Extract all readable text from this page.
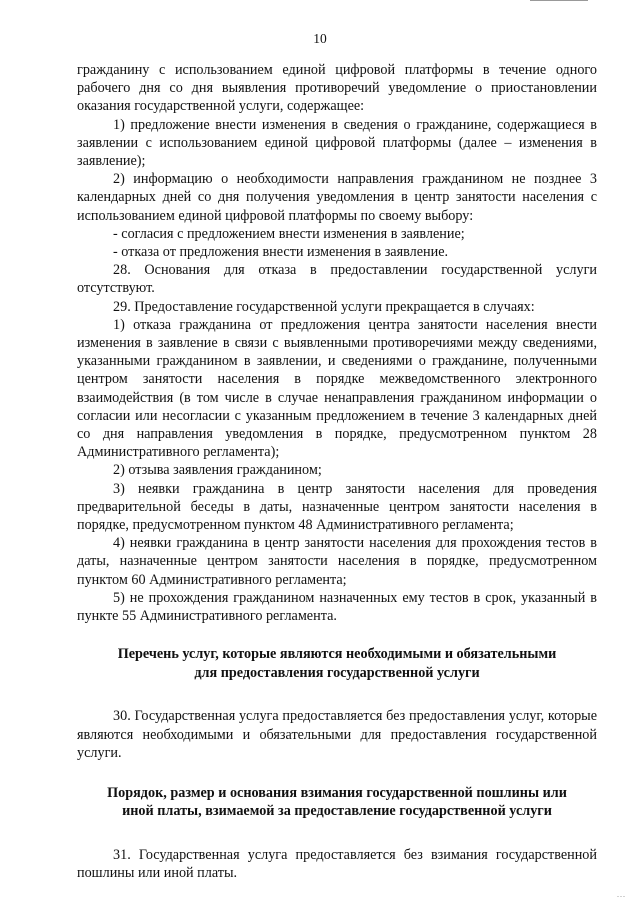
10

гражданину с использованием единой цифровой платформы в течение одного рабочего дня со дня выявления противоречий уведомление о приостановлении оказания государственной услуги, содержащее:

1) предложение внести изменения в сведения о гражданине, содержащиеся в заявлении с использованием единой цифровой платформы (далее – изменения в заявление);

2) информацию о необходимости направления гражданином не позднее 3 календарных дней со дня получения уведомления в центр занятости населения с использованием единой цифровой платформы по своему выбору:

- согласия с предложением внести изменения в заявление;

- отказа от предложения внести изменения в заявление.

28. Основания для отказа в предоставлении государственной услуги отсутствуют.

29. Предоставление государственной услуги прекращается в случаях:

1) отказа гражданина от предложения центра занятости населения внести изменения в заявление в связи с выявленными противоречиями между сведениями, указанными гражданином в заявлении, и сведениями о гражданине, полученными центром занятости населения в порядке межведомственного электронного взаимодействия (в том числе в случае ненаправления гражданином информации о согласии или несогласии с указанным предложением в течение 3 календарных дней со дня направления уведомления в порядке, предусмотренном пунктом 28 Административного регламента);

2) отзыва заявления гражданином;

3) неявки гражданина в центр занятости населения для проведения предварительной беседы в даты, назначенные центром занятости населения в порядке, предусмотренном пунктом 48 Административного регламента;

4) неявки гражданина в центр занятости населения для прохождения тестов в даты, назначенные центром занятости населения в порядке, предусмотренном пунктом 60 Административного регламента;

5) не прохождения гражданином назначенных ему тестов в срок, указанный в пункте 55 Административного регламента.

Перечень услуг, которые являются необходимыми и обязательными
для предоставления государственной услуги

30. Государственная услуга предоставляется без предоставления услуг, которые являются необходимыми и обязательными для предоставления государственной услуги.

Порядок, размер и основания взимания государственной пошлины или
иной платы, взимаемой за предоставление государственной услуги

31. Государственная услуга предоставляется без взимания государственной пошлины или иной платы.

...
